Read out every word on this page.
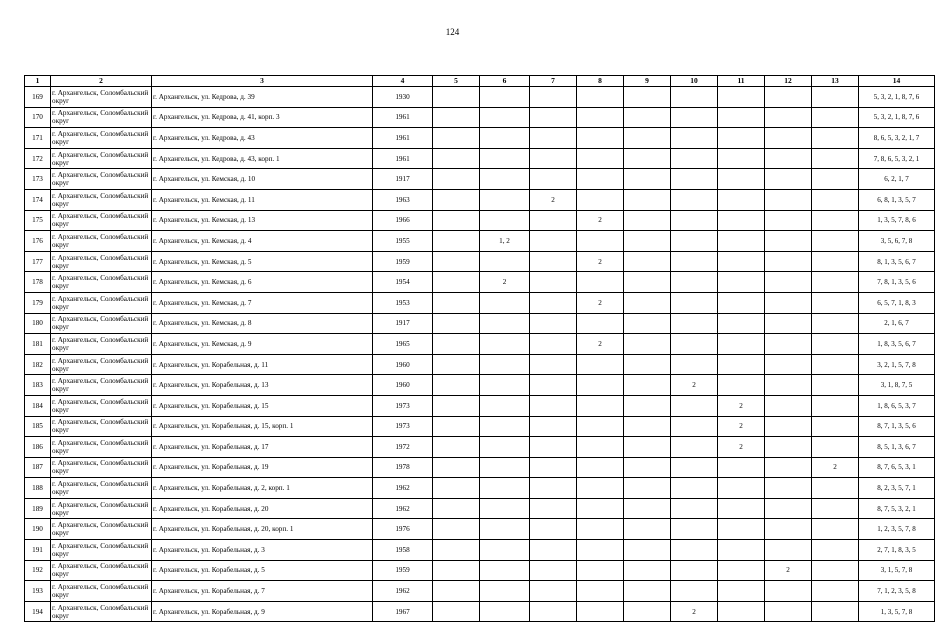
124
1	2	3	4	5	6	7	8	9	10	11	12	13	14
169	г. Архангельск, Соломбальский округ	г. Архангельск, ул. Кедрова, д. 39	1930										5, 3, 2, 1, 8, 7, 6
170	г. Архангельск, Соломбальский округ	г. Архангельск, ул. Кедрова, д. 41, корп. 3	1961										5, 3, 2, 1, 8, 7, 6
171	г. Архангельск, Соломбальский округ	г. Архангельск, ул. Кедрова, д. 43	1961										8, 6, 5, 3, 2, 1, 7
172	г. Архангельск, Соломбальский округ	г. Архангельск, ул. Кедрова, д. 43, корп. 1	1961										7, 8, 6, 5, 3, 2, 1
173	г. Архангельск, Соломбальский округ	г. Архангельск, ул. Кемская, д. 10	1917										6, 2, 1, 7
174	г. Архангельск, Соломбальский округ	г. Архангельск, ул. Кемская, д. 11	1963			2							6, 8, 1, 3, 5, 7
175	г. Архангельск, Соломбальский округ	г. Архангельск, ул. Кемская, д. 13	1966				2						1, 3, 5, 7, 8, 6
176	г. Архангельск, Соломбальский округ	г. Архангельск, ул. Кемская, д. 4	1955		1, 2								3, 5, 6, 7, 8
177	г. Архангельск, Соломбальский округ	г. Архангельск, ул. Кемская, д. 5	1959				2						8, 1, 3, 5, 6, 7
178	г. Архангельск, Соломбальский округ	г. Архангельск, ул. Кемская, д. 6	1954		2								7, 8, 1, 3, 5, 6
179	г. Архангельск, Соломбальский округ	г. Архангельск, ул. Кемская, д. 7	1953				2						6, 5, 7, 1, 8, 3
180	г. Архангельск, Соломбальский округ	г. Архангельск, ул. Кемская, д. 8	1917										2, 1, 6, 7
181	г. Архангельск, Соломбальский округ	г. Архангельск, ул. Кемская, д. 9	1965				2						1, 8, 3, 5, 6, 7
182	г. Архангельск, Соломбальский округ	г. Архангельск, ул. Корабельная, д. 11	1960										3, 2, 1, 5, 7, 8
183	г. Архангельск, Соломбальский округ	г. Архангельск, ул. Корабельная, д. 13	1960						2				3, 1, 8, 7, 5
184	г. Архангельск, Соломбальский округ	г. Архангельск, ул. Корабельная, д. 15	1973							2			1, 8, 6, 5, 3, 7
185	г. Архангельск, Соломбальский округ	г. Архангельск, ул. Корабельная, д. 15, корп. 1	1973							2			8, 7, 1, 3, 5, 6
186	г. Архангельск, Соломбальский округ	г. Архангельск, ул. Корабельная, д. 17	1972							2			8, 5, 1, 3, 6, 7
187	г. Архангельск, Соломбальский округ	г. Архангельск, ул. Корабельная, д. 19	1978									2	8, 7, 6, 5, 3, 1
188	г. Архангельск, Соломбальский округ	г. Архангельск, ул. Корабельная, д. 2, корп. 1	1962										8, 2, 3, 5, 7, 1
189	г. Архангельск, Соломбальский округ	г. Архангельск, ул. Корабельная, д. 20	1962										8, 7, 5, 3, 2, 1
190	г. Архангельск, Соломбальский округ	г. Архангельск, ул. Корабельная, д. 20, корп. 1	1976										1, 2, 3, 5, 7, 8
191	г. Архангельск, Соломбальский округ	г. Архангельск, ул. Корабельная, д. 3	1958										2, 7, 1, 8, 3, 5
192	г. Архангельск, Соломбальский округ	г. Архангельск, ул. Корабельная, д. 5	1959								2		3, 1, 5, 7, 8
193	г. Архангельск, Соломбальский округ	г. Архангельск, ул. Корабельная, д. 7	1962										7, 1, 2, 3, 5, 8
194	г. Архангельск, Соломбальский округ	г. Архангельск, ул. Корабельная, д. 9	1967						2				1, 3, 5, 7, 8
